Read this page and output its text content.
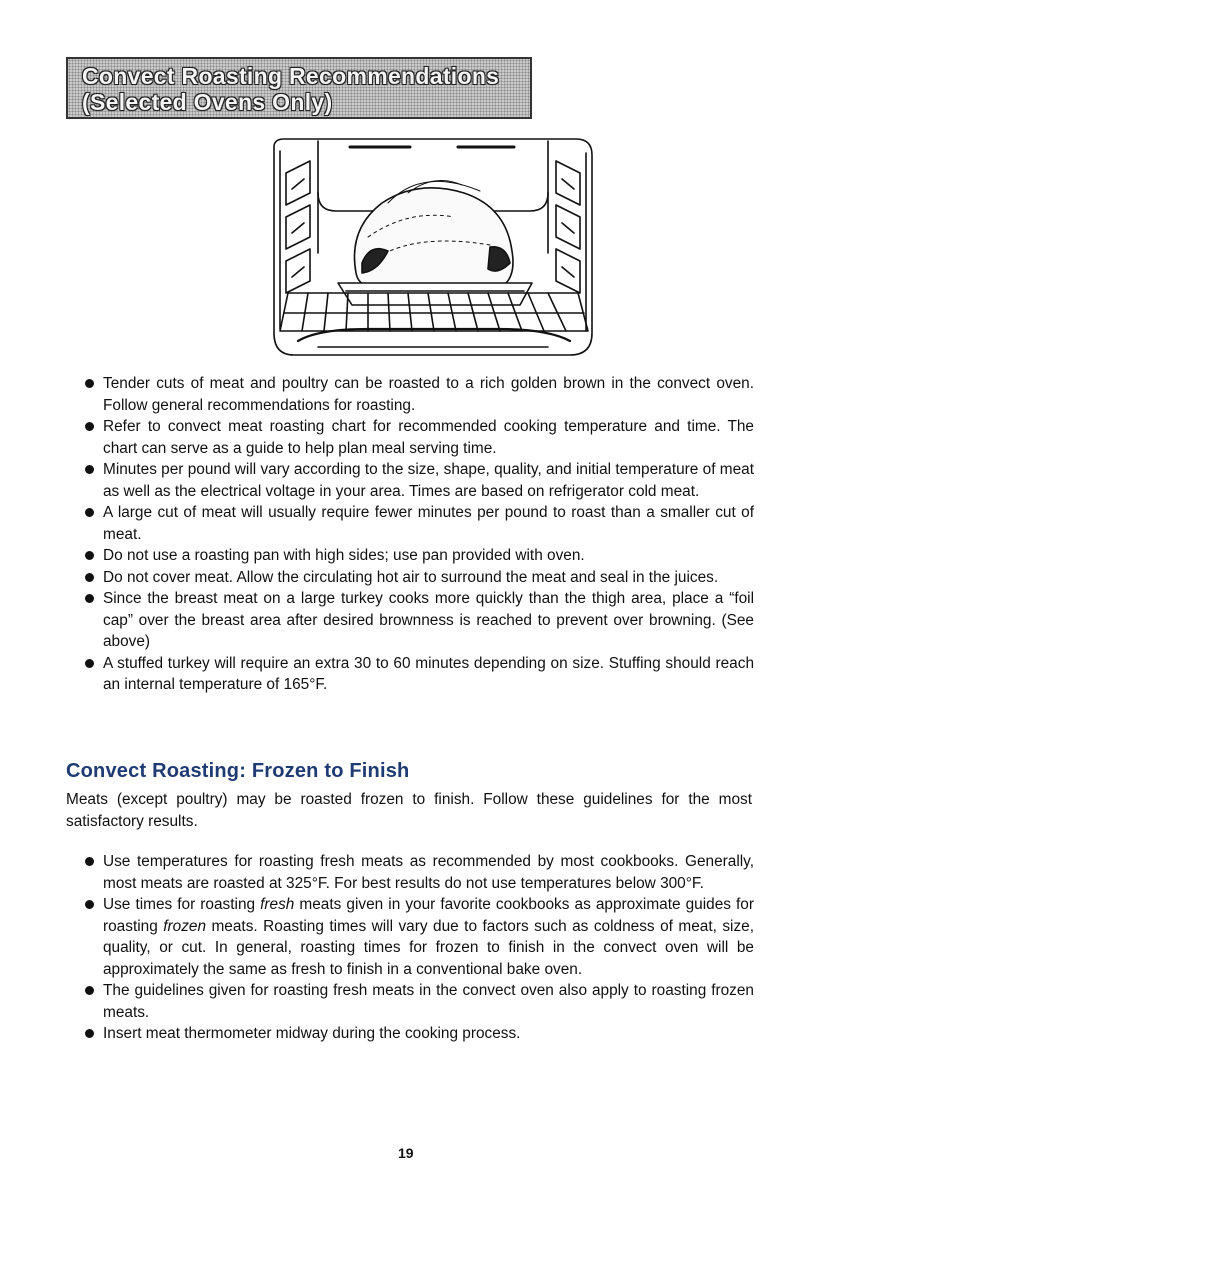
Convect Roasting Recommendations
(Selected Ovens Only)
Tender cuts of meat and poultry can be roasted to a rich golden brown in the convect oven. Follow general recommendations for roasting.
Refer to convect meat roasting chart for recommended cooking temperature and time. The chart can serve as a guide to help plan meal serving time.
Minutes per pound will vary according to the size, shape, quality, and initial temperature of meat as well as the electrical voltage in your area. Times are based on refrigerator cold meat.
A large cut of meat will usually require fewer minutes per pound to roast than a smaller cut of meat.
Do not use a roasting pan with high sides; use pan provided with oven.
Do not cover meat. Allow the circulating hot air to surround the meat and seal in the juices.
Since the breast meat on a large turkey cooks more quickly than the thigh area, place a “foil cap” over the breast area after desired brownness is reached to prevent over browning. (See above)
A stuffed turkey will require an extra 30 to 60 minutes depending on size. Stuffing should reach an internal temperature of 165°F.
Convect Roasting: Frozen to Finish

Meats (except poultry) may be roasted frozen to finish. Follow these guidelines for the most satisfactory results.

Use temperatures for roasting fresh meats as recommended by most cookbooks. Generally, most meats are roasted at 325°F. For best results do not use temperatures below 300°F.
Use times for roasting fresh meats given in your favorite cookbooks as approximate guides for roasting frozen meats. Roasting times will vary due to factors such as coldness of meat, size, quality, or cut. In general, roasting times for frozen to finish in the convect oven will be approximately the same as fresh to finish in a conventional bake oven.
The guidelines given for roasting fresh meats in the convect oven also apply to roasting frozen meats.
Insert meat thermometer midway during the cooking process.
19
